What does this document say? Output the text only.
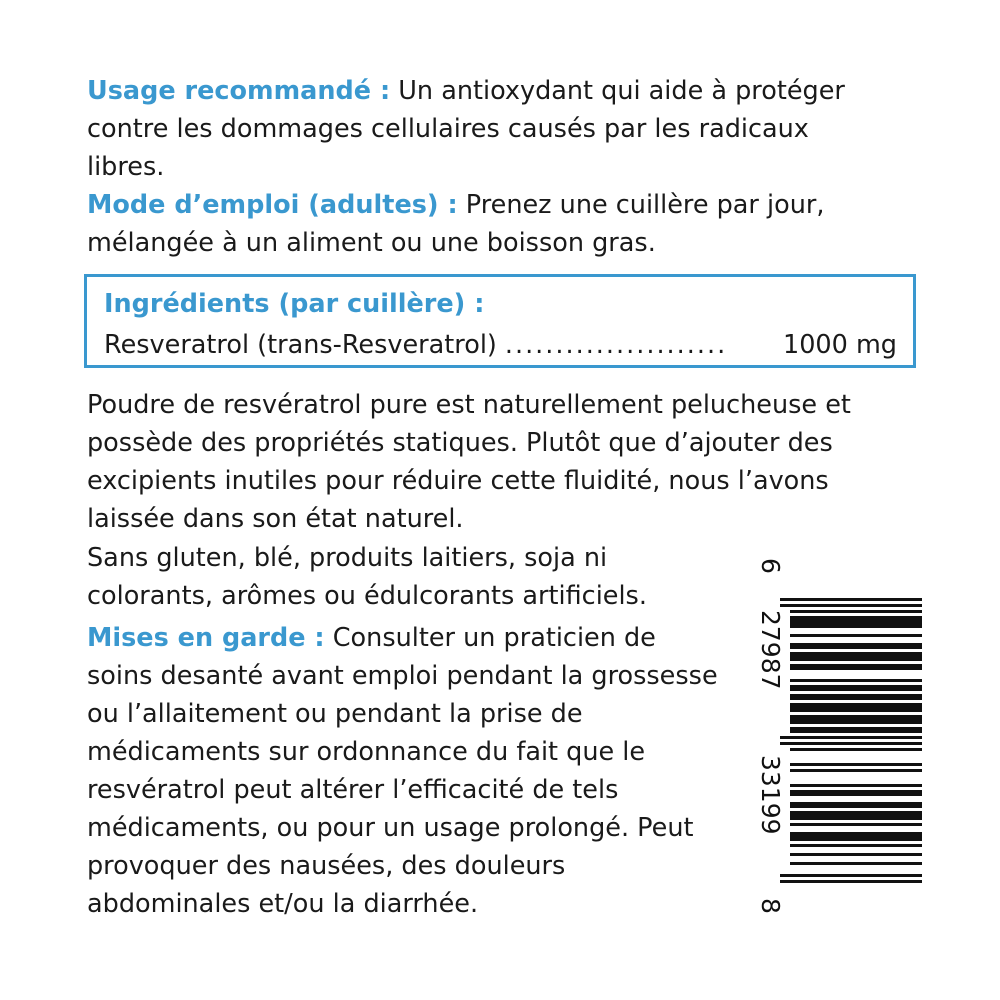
Usage recommandé : Un antioxydant qui aide à protéger contre les dommages cellulaires causés par les radicaux libres.
Mode d’emploi (adultes) : Prenez une cuillère par jour, mélangée à un aliment ou une boisson gras.
Ingrédients (par cuillère) :
Resveratrol (trans-Resveratrol) ......................	1000 mg
Poudre de resvératrol pure est naturellement pelucheuse et possède des propriétés statiques. Plutôt que d’ajouter des excipients inutiles pour réduire cette fluidité, nous l’avons laissée dans son état naturel.
Sans gluten, blé, produits laitiers, soja ni colorants, arômes ou édulcorants artificiels.
Mises en garde : Consulter un praticien de soins desanté avant emploi pendant la grossesse ou l’allaitement ou pendant la prise de médicaments sur ordonnance du fait que le resvératrol peut altérer l’efficacité de tels médicaments, ou pour un usage prolongé. Peut provoquer des nausées, des douleurs abdominales et/ou la diarrhée.
6
27987
33199
8
